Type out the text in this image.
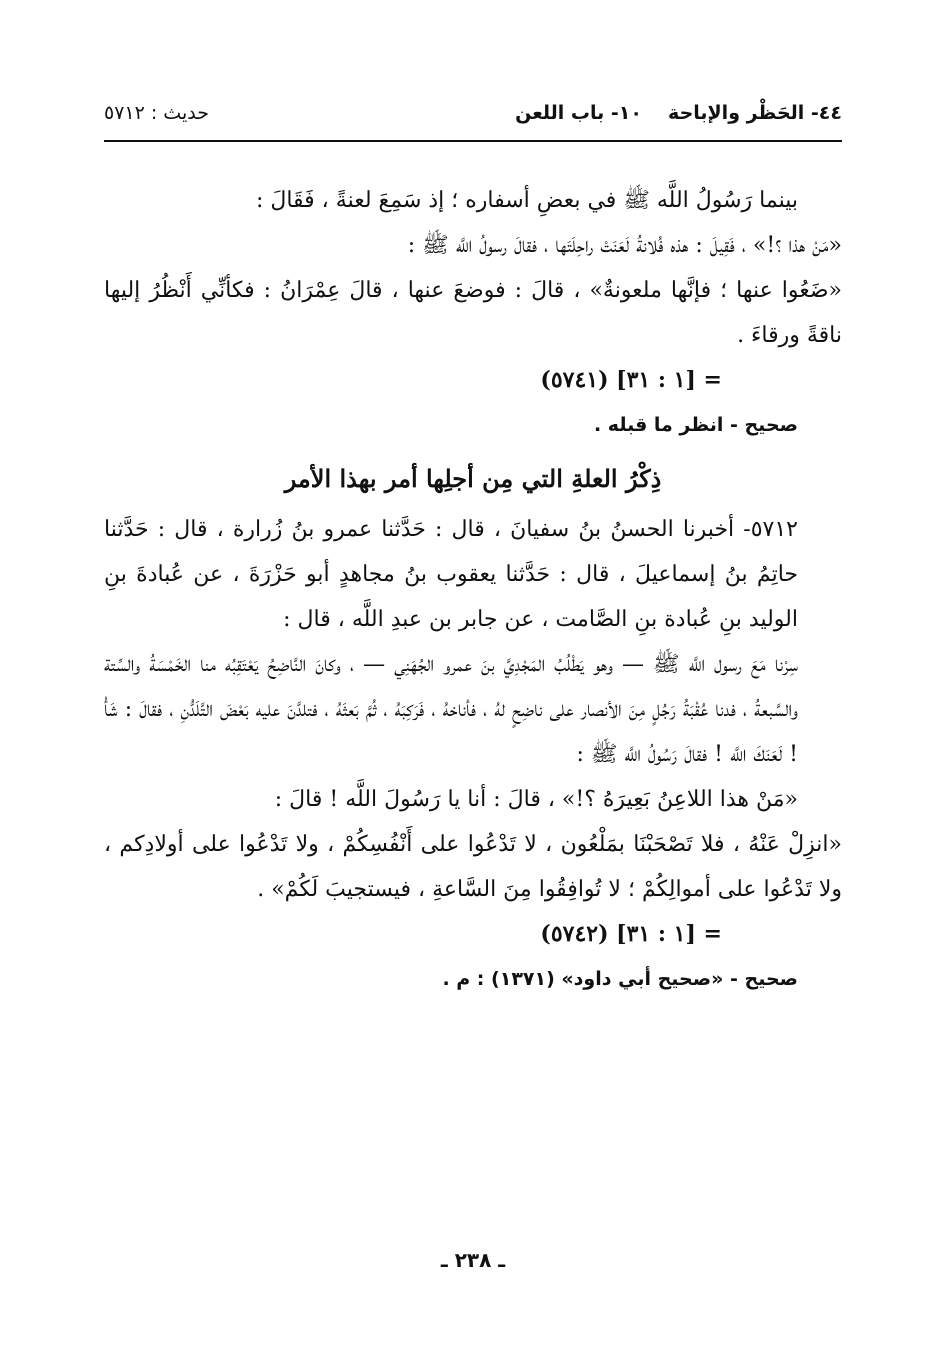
٤٤- الحَظْر والإباحة
١٠- باب اللعن
حديث : ٥٧١٢

بينما رَسُولُ اللَّه ﷺ في بعضِ أسفاره ؛ إذ سَمِعَ لعنةً ، فَقَالَ :

«مَنْ هذا ؟!» ، فَقِيلَ : هذه فُلانةُ لَعَنَتْ راحِلَتَها ، فقالَ رسولُ اللَّه ﷺ :

«ضَعُوا عنها ؛ فإنَّها ملعونةٌ» ، قالَ : فوضعَ عنها ، قالَ عِمْرَانُ : فكأنِّي أَنْظُرُ إليها ناقةً ورقاءَ .

= [١ : ٣١] (٥٧٤١)

صحيح - انظر ما قبله .

ذِكْرُ العلةِ التي مِن أجلِها أمر بهذا الأمر

٥٧١٢- أخبرنا الحسنُ بنُ سفيانَ ، قال : حَدَّثنا عمرو بنُ زُرارة ، قال : حَدَّثنا حاتِمُ بنُ إسماعيلَ ، قال : حَدَّثنا يعقوب بنُ مجاهدٍ أبو حَزْرَةَ ، عن عُبادةَ بنِ الوليد بنِ عُبادة بنِ الصَّامت ، عن جابر بن عبدِ اللَّه ، قال :

سِرْنا مَعَ رسول اللَّه ﷺ — وهو يَطْلُبُ المَجْدِيَّ بنَ عمرو الجُهَنِي — ، وكانَ النَّاضِحُ يَعْتَقِبُه منا الخَمْسَةُ والسِّتة والسَّبعةُ ، فدنا عُقْبَةُ رَجُلٍ مِنَ الأنصار على ناضِحٍ لهُ ، فأناخهُ ، فَرَكِبَهُ ، ثُمَّ بَعثَهُ ، فتلدَّنَ عليه بَعْضَ التَّلَدُّنِ ، فقالَ : شَأْ ! لَعَنَكَ اللَّه ! فقالَ رَسُولُ اللَّه ﷺ :

«مَنْ هذا اللاعِنُ بَعِيرَهُ ؟!» ، قالَ : أنا يا رَسُولَ اللَّه ! قالَ :

«انزِلْ عَنْهُ ، فلا تَصْحَبْنَا بمَلْعُون ، لا تَدْعُوا على أَنْفُسِكُمْ ، ولا تَدْعُوا على أولادِكم ، ولا تَدْعُوا على أموالِكُمْ ؛ لا تُوافِقُوا مِنَ السَّاعةِ ، فيستجيبَ لَكُمْ» .

= [١ : ٣١] (٥٧٤٢)

صحيح - «صحيح أبي داود» (١٣٧١) : م .

ـ ٢٣٨ ـ
